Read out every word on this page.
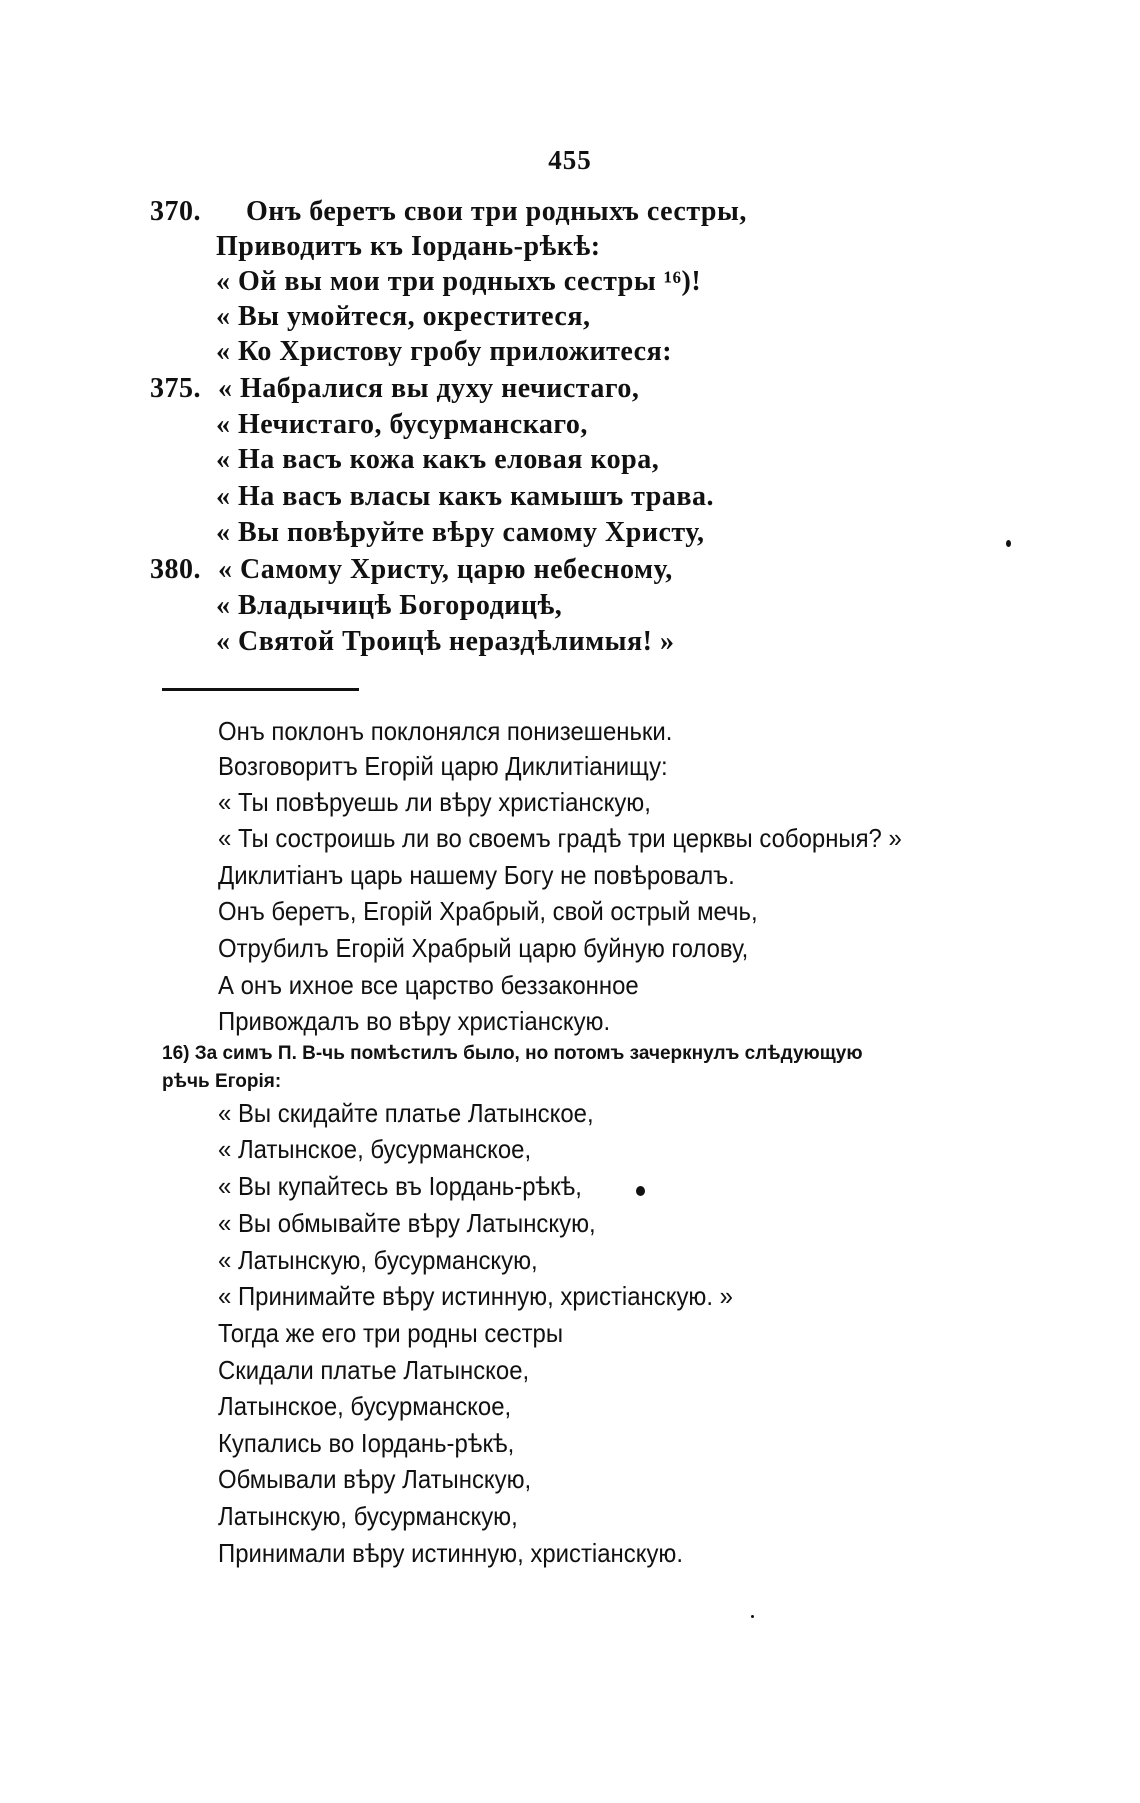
455
370. Онъ беретъ свои три родныхъ сестры,
Приводитъ къ Іордань-рѣкѣ:
« Ой вы мои три родныхъ сестры ¹⁶)!
« Вы умойтеся, окреститеся,
« Ко Христову гробу приложитеся:
375. « Набралися вы духу нечистаго,
« Нечистаго, бусурманскаго,
« На васъ кожа какъ еловая кора,
« На васъ власы какъ камышъ трава.
« Вы повѣруйте вѣру самому Христу,
380. « Самому Христу, царю небесному,
« Владычицѣ Богородицѣ,
« Святой Троицѣ нераздѣлимыя! »
Онъ поклонъ поклонялся понизешеньки.
Возговоритъ Егорій царю Диклитіанищу:
« Ты повѣруешь ли вѣру христіанскую,
« Ты состроишь ли во своемъ градѣ три церквы соборныя? »
Диклитіанъ царь нашему Богу не повѣровалъ.
Онъ беретъ, Егорій Храбрый, свой острый мечь,
Отрубилъ Егорій Храбрый царю буйную голову,
А онъ ихное все царство беззаконное
Привождалъ во вѣру христіанскую.
16) За симъ П. В-чь помѣстилъ было, но потомъ зачеркнулъ слѣдующую
рѣчь Егорія:
« Вы скидайте платье Латынское,
« Латынское, бусурманское,
« Вы купайтесь въ Іордань-рѣкѣ,
« Вы обмывайте вѣру Латынскую,
« Латынскую, бусурманскую,
« Принимайте вѣру истинную, христіанскую. »
Тогда же его три родны сестры
Скидали платье Латынское,
Латынское, бусурманское,
Купались во Іордань-рѣкѣ,
Обмывали вѣру Латынскую,
Латынскую, бусурманскую,
Принимали вѣру истинную, христіанскую.
